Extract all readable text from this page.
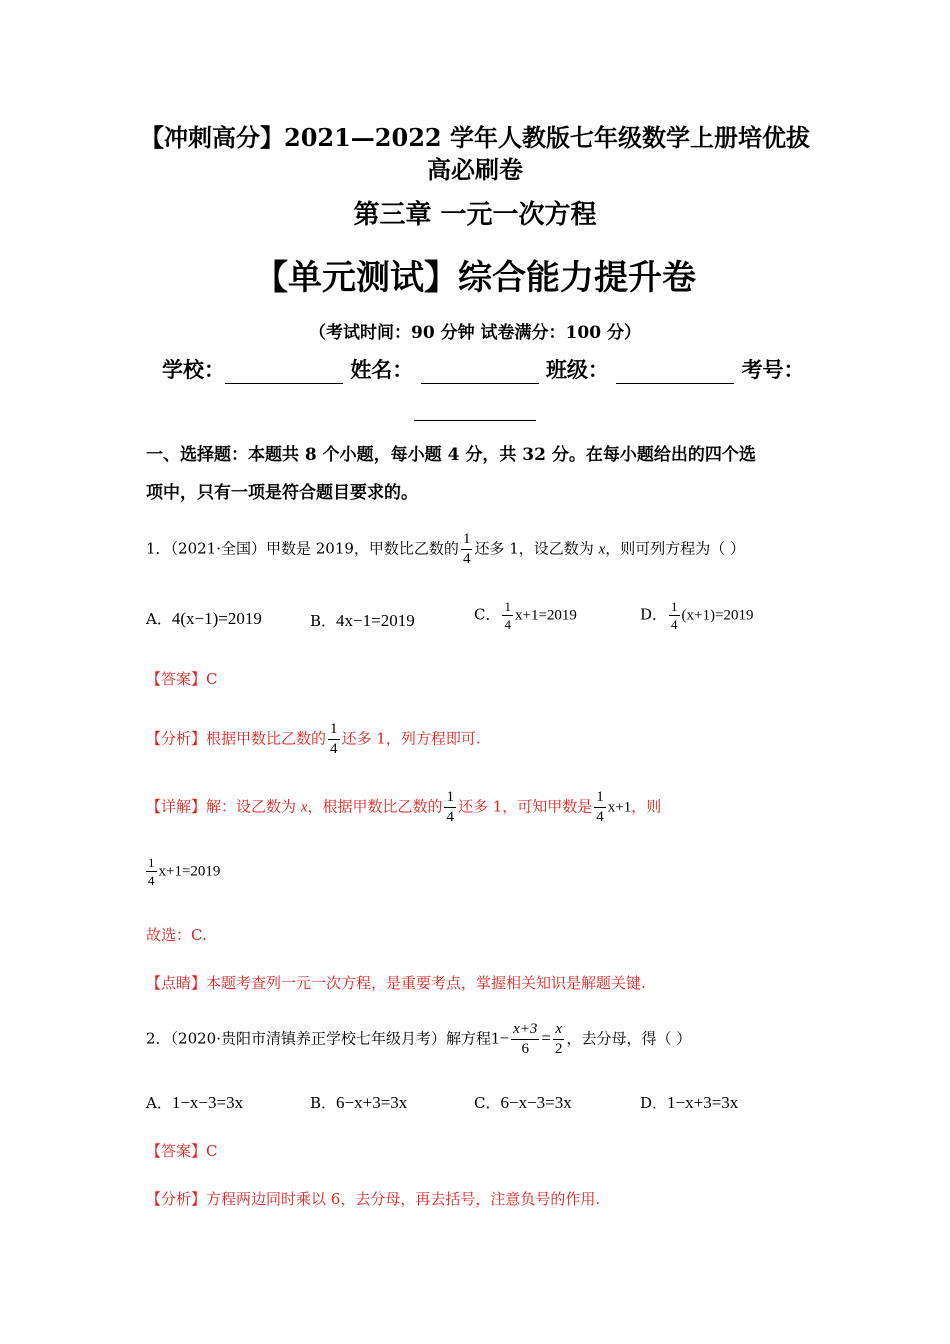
【冲刺高分】2021—2022 学年人教版七年级数学上册培优拔
高必刷卷
第三章 一元一次方程
【单元测试】综合能力提升卷
（考试时间：90 分钟 试卷满分：100 分）
学校：	姓名：	班级：	考号：
一、选择题：本题共 8 个小题，每小题 4 分，共 32 分。在每小题给出的四个选
项中，只有一项是符合题目要求的。
1．（2021·全国）甲数是 2019，甲数比乙数的 $\frac{1}{4}$ 还多 1，设乙数为 x，则可列方程为（ ）
A．4(x−1)=2019	B．4x−1=2019	C． $\frac{1}{4} x+1=2019$	D． $\frac{1}{4} (x+1)=2019$
【答案】C
【分析】根据甲数比乙数的 $\frac{1}{4}$ 还多 1，列方程即可.
【详解】解：设乙数为 x，根据甲数比乙数的 $\frac{1}{4}$ 还多 1，可知甲数是 $\frac{1}{4} x+1$，则
$\frac{1}{4} x+1=2019$
故选：C.
【点睛】本题考查列一元一次方程，是重要考点，掌握相关知识是解题关键.
2．（2020·贵阳市清镇养正学校七年级月考）解方程$1- \frac{x+3}{6} = \frac{x}{2}$ ，去分母，得（ ）
A．1−x−3=3x	B．6−x+3=3x	C．6−x−3=3x	D．1−x+3=3x
【答案】C
【分析】方程两边同时乘以 6，去分母，再去括号，注意负号的作用.
